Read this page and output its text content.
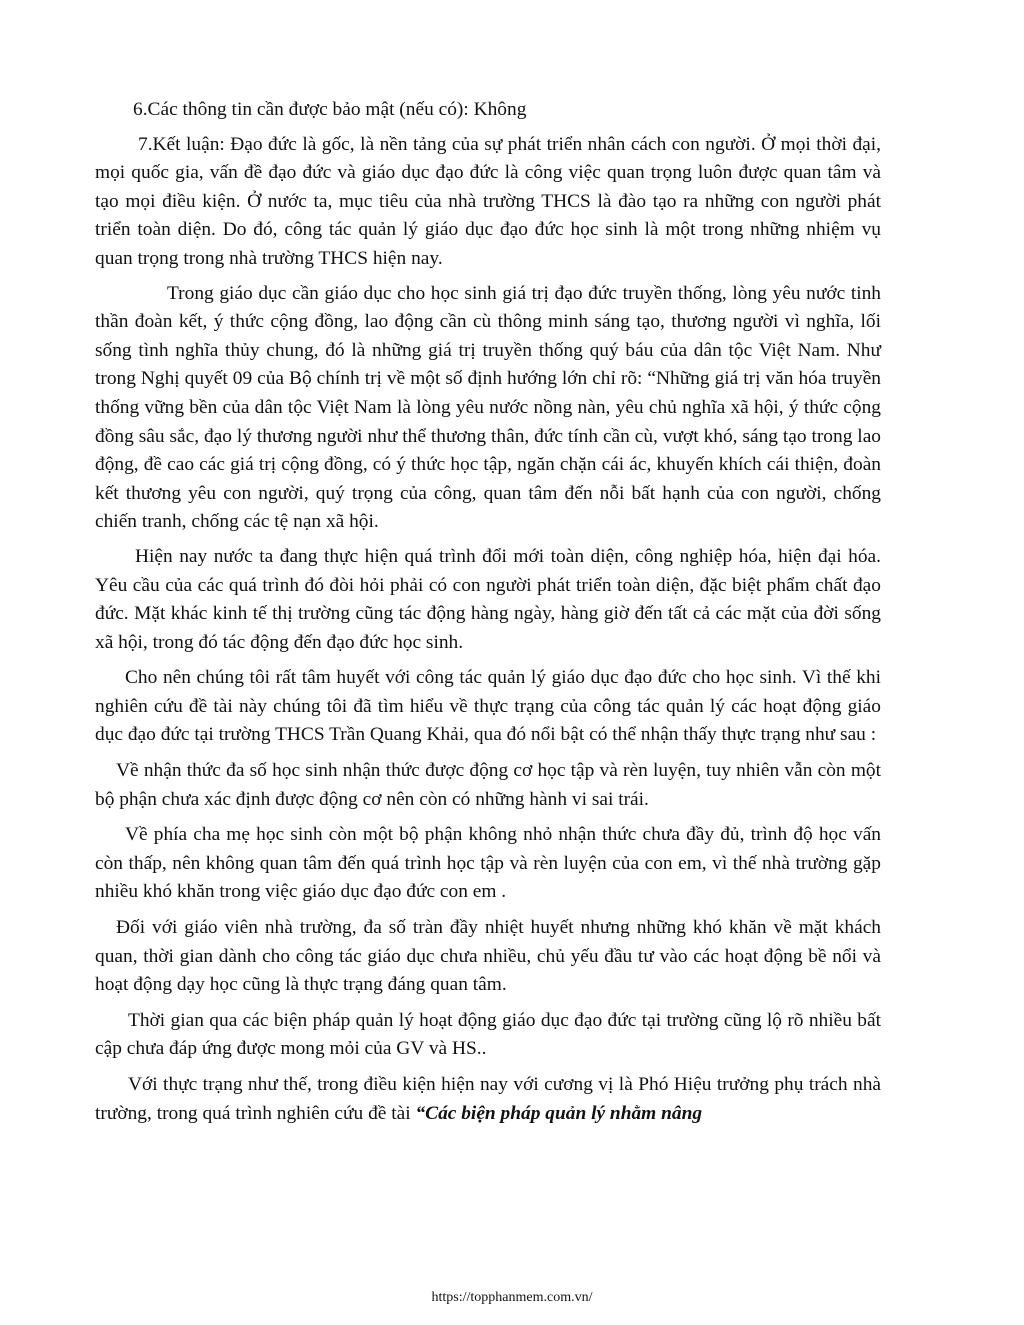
6.Các thông tin cần được bảo mật (nếu có): Không

7.Kết luận: Đạo đức là gốc, là nền tảng của sự phát triển nhân cách con người. Ở mọi thời đại, mọi quốc gia, vấn đề đạo đức và giáo dục đạo đức là công việc quan trọng luôn được quan tâm và tạo mọi điều kiện. Ở nước ta, mục tiêu của nhà trường THCS là đào tạo ra những con người phát triển toàn diện. Do đó, công tác quản lý giáo dục đạo đức học sinh là một trong những nhiệm vụ quan trọng trong nhà trường THCS hiện nay.

Trong giáo dục cần giáo dục cho học sinh giá trị đạo đức truyền thống, lòng yêu nước tinh thần đoàn kết, ý thức cộng đồng, lao động cần cù thông minh sáng tạo, thương người vì nghĩa, lối sống tình nghĩa thủy chung, đó là những giá trị truyền thống quý báu của dân tộc Việt Nam. Như trong Nghị quyết 09 của Bộ chính trị về một số định hướng lớn chỉ rõ: “Những giá trị văn hóa truyền thống vững bền của dân tộc Việt Nam là lòng yêu nước nồng nàn, yêu chủ nghĩa xã hội, ý thức cộng đồng sâu sắc, đạo lý thương người như thể thương thân, đức tính cần cù, vượt khó, sáng tạo trong lao động, đề cao các giá trị cộng đồng, có ý thức học tập, ngăn chặn cái ác, khuyến khích cái thiện, đoàn kết thương yêu con người, quý trọng của công, quan tâm đến nỗi bất hạnh của con người, chống chiến tranh, chống các tệ nạn xã hội.

Hiện nay nước ta đang thực hiện quá trình đổi mới toàn diện, công nghiệp hóa, hiện đại hóa. Yêu cầu của các quá trình đó đòi hỏi phải có con người phát triển toàn diện, đặc biệt phẩm chất đạo đức. Mặt khác kinh tế thị trường cũng tác động hàng ngày, hàng giờ đến tất cả các mặt của đời sống xã hội, trong đó tác động đến đạo đức học sinh.

Cho nên chúng tôi rất tâm huyết với công tác quản lý giáo dục đạo đức cho học sinh. Vì thế khi nghiên cứu đề tài này chúng tôi đã tìm hiểu về thực trạng của công tác quản lý các hoạt động giáo dục đạo đức tại trường THCS Trần Quang Khải, qua đó nổi bật có thể nhận thấy thực trạng như sau :

Về nhận thức đa số học sinh nhận thức được động cơ học tập và rèn luyện, tuy nhiên vẫn còn một bộ phận chưa xác định được động cơ nên còn có những hành vi sai trái.

Về phía cha mẹ học sinh còn một bộ phận không nhỏ nhận thức chưa đầy đủ, trình độ học vấn còn thấp, nên không quan tâm đến quá trình học tập và rèn luyện của con em, vì thế nhà trường gặp nhiều khó khăn trong việc giáo dục đạo đức con em .

Đối với giáo viên nhà trường, đa số tràn đầy nhiệt huyết nhưng những khó khăn về mặt khách quan, thời gian dành cho công tác giáo dục chưa nhiều, chủ yếu đầu tư vào các hoạt động bề nổi và hoạt động dạy học cũng là thực trạng đáng quan tâm.

Thời gian qua các biện pháp quản lý hoạt động giáo dục đạo đức tại trường cũng lộ rõ nhiều bất cập chưa đáp ứng được mong mỏi của GV và HS..

Với thực trạng như thế, trong điều kiện hiện nay với cương vị là Phó Hiệu trưởng phụ trách nhà trường, trong quá trình nghiên cứu đề tài “Các biện pháp quản lý nhằm nâng

https://topphanmem.com.vn/
